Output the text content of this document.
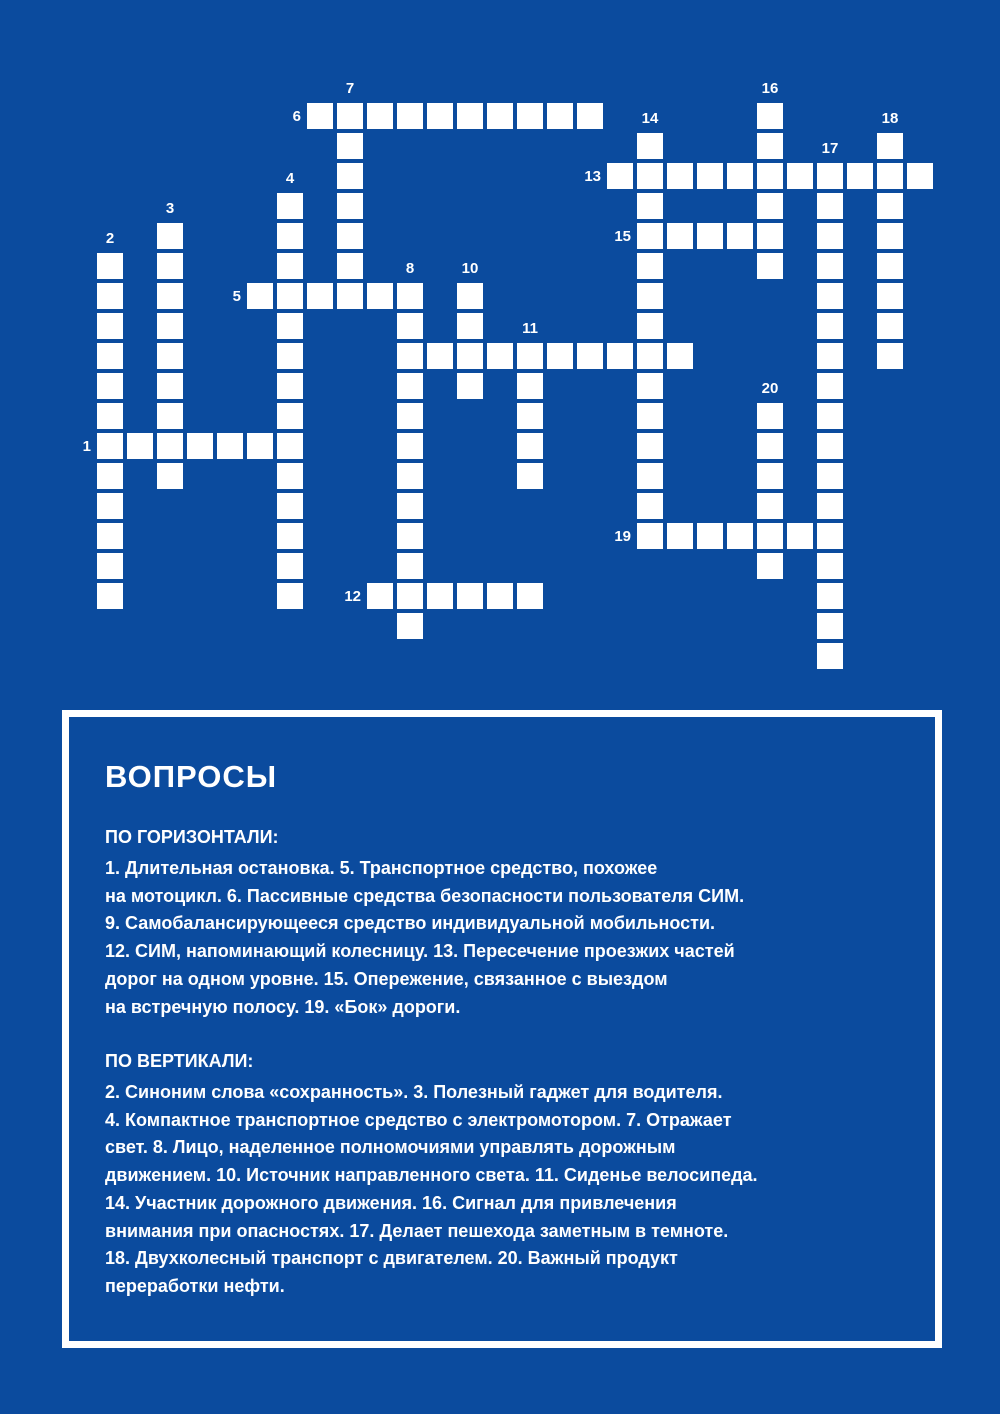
1
2
3
4
5
6
7
8
9
10
11
12
13
14
15
16
17
18
19
20
ВОПРОСЫ
ПО ГОРИЗОНТАЛИ:
1. Длительная остановка. 5. Транспортное средство, похожее
на мотоцикл. 6. Пассивные средства безопасности пользователя СИМ.
9. Самобалансирующееся средство индивидуальной мобильности.
12. СИМ, напоминающий колесницу. 13. Пересечение проезжих частей
дорог на одном уровне. 15. Опережение, связанное с выездом
на встречную полосу. 19. «Бок» дороги.
ПО ВЕРТИКАЛИ:
2. Синоним слова «сохранность». 3. Полезный гаджет для водителя.
4. Компактное транспортное средство с электромотором. 7. Отражает
свет. 8. Лицо, наделенное полномочиями управлять дорожным
движением. 10. Источник направленного света. 11. Сиденье велосипеда.
14. Участник дорожного движения. 16. Сигнал для привлечения
внимания при опасностях. 17. Делает пешехода заметным в темноте.
18. Двухколесный транспорт с двигателем. 20. Важный продукт
переработки нефти.
